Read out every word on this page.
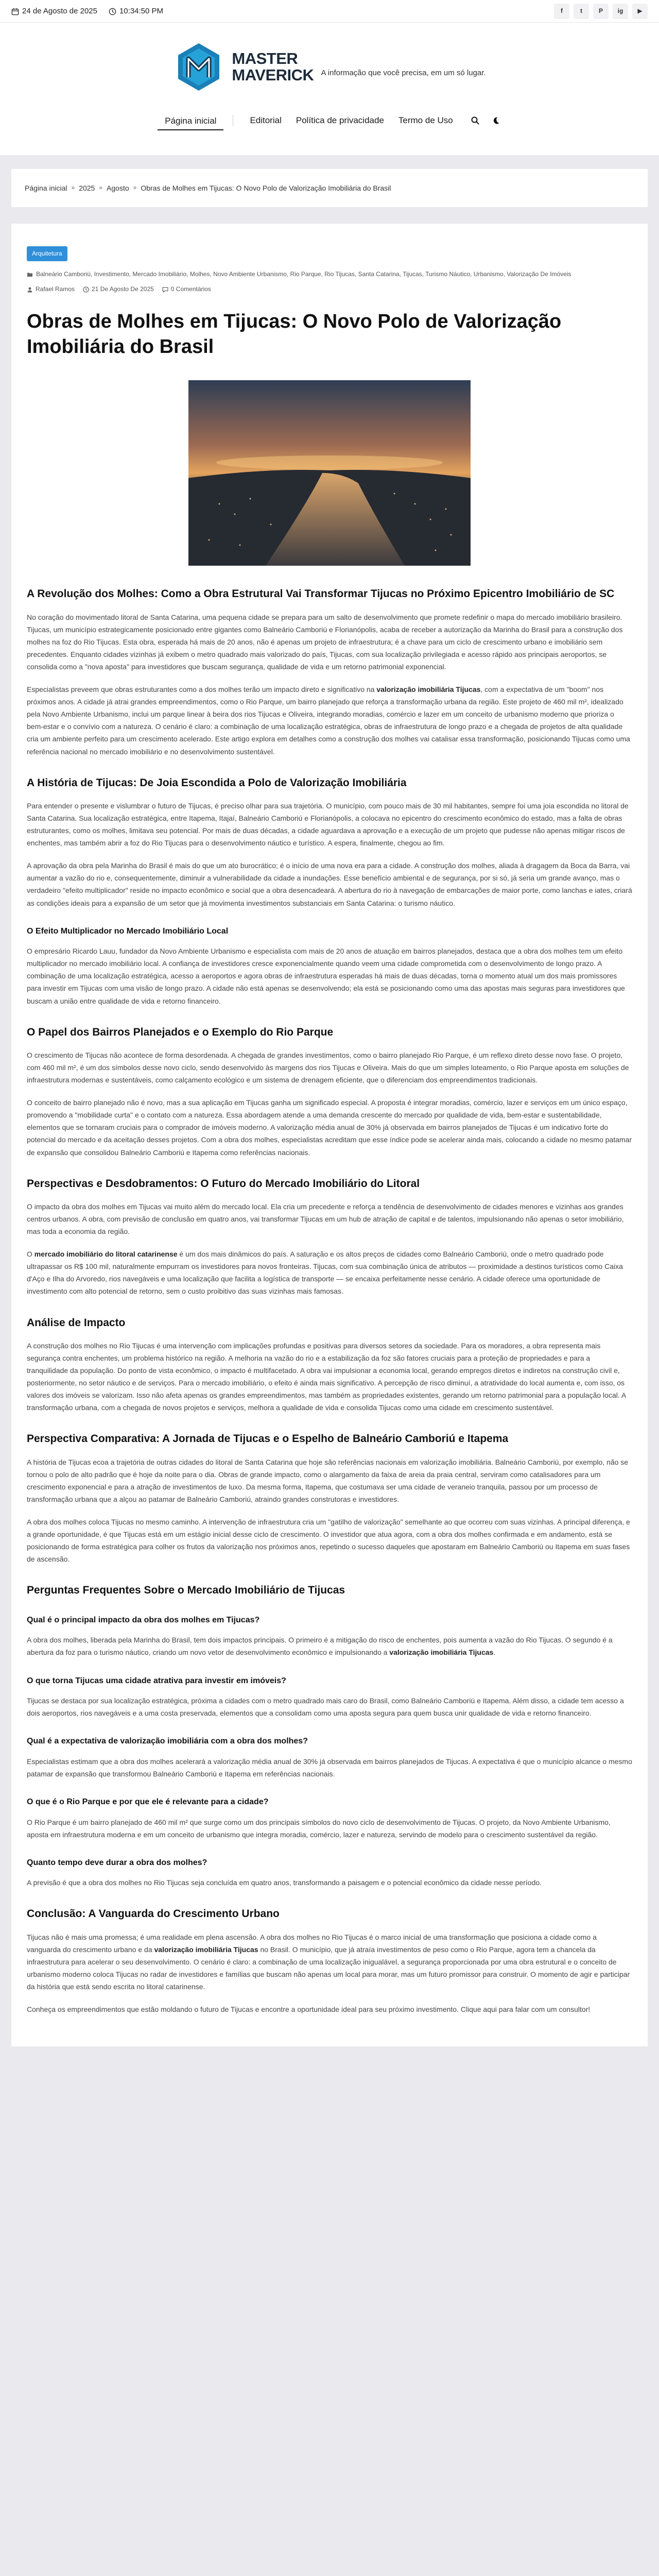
24 de Agosto de 2025	10:34:50 PM	f	t	P	ig	▶
MASTER
MAVERICK A informação que você precisa, em um só lugar.
Página inicial	Editorial	Política de privacidade	Termo de Uso
Página inicial » 2025 » Agosto » Obras de Molhes em Tijucas: O Novo Polo de Valorização Imobiliária do Brasil
Arquitetura
Balneário Camboriú, Investimento, Mercado Imobiliário, Molhes, Novo Ambiente Urbanismo, Rio Parque, Rio Tijucas, Santa Catarina, Tijucas, Turismo Náutico, Urbanismo, Valorização De Imóveis
Rafael Ramos	21 De Agosto De 2025	0 Comentários
Obras de Molhes em Tijucas: O Novo Polo de Valorização Imobiliária do Brasil
A Revolução dos Molhes: Como a Obra Estrutural Vai Transformar Tijucas no Próximo Epicentro Imobiliário de SC

No coração do movimentado litoral de Santa Catarina, uma pequena cidade se prepara para um salto de desenvolvimento que promete redefinir o mapa do mercado imobiliário brasileiro. Tijucas, um município estrategicamente posicionado entre gigantes como Balneário Camboriú e Florianópolis, acaba de receber a autorização da Marinha do Brasil para a construção dos molhes na foz do Rio Tijucas. Esta obra, esperada há mais de 20 anos, não é apenas um projeto de infraestrutura; é a chave para um ciclo de crescimento urbano e imobiliário sem precedentes. Enquanto cidades vizinhas já exibem o metro quadrado mais valorizado do país, Tijucas, com sua localização privilegiada e acesso rápido aos principais aeroportos, se consolida como a "nova aposta" para investidores que buscam segurança, qualidade de vida e um retorno patrimonial exponencial.

Especialistas preveem que obras estruturantes como a dos molhes terão um impacto direto e significativo na valorização imobiliária Tijucas, com a expectativa de um "boom" nos próximos anos. A cidade já atrai grandes empreendimentos, como o Rio Parque, um bairro planejado que reforça a transformação urbana da região. Este projeto de 460 mil m², idealizado pela Novo Ambiente Urbanismo, inclui um parque linear à beira dos rios Tijucas e Oliveira, integrando moradias, comércio e lazer em um conceito de urbanismo moderno que prioriza o bem-estar e o convívio com a natureza. O cenário é claro: a combinação de uma localização estratégica, obras de infraestrutura de longo prazo e a chegada de projetos de alta qualidade cria um ambiente perfeito para um crescimento acelerado. Este artigo explora em detalhes como a construção dos molhes vai catalisar essa transformação, posicionando Tijucas como uma referência nacional no mercado imobiliário e no desenvolvimento sustentável.

A História de Tijucas: De Joia Escondida a Polo de Valorização Imobiliária

Para entender o presente e vislumbrar o futuro de Tijucas, é preciso olhar para sua trajetória. O município, com pouco mais de 30 mil habitantes, sempre foi uma joia escondida no litoral de Santa Catarina. Sua localização estratégica, entre Itapema, Itajaí, Balneário Camboriú e Florianópolis, a colocava no epicentro do crescimento econômico do estado, mas a falta de obras estruturantes, como os molhes, limitava seu potencial. Por mais de duas décadas, a cidade aguardava a aprovação e a execução de um projeto que pudesse não apenas mitigar riscos de enchentes, mas também abrir a foz do Rio Tijucas para o desenvolvimento náutico e turístico. A espera, finalmente, chegou ao fim.

A aprovação da obra pela Marinha do Brasil é mais do que um ato burocrático; é o início de uma nova era para a cidade. A construção dos molhes, aliada à dragagem da Boca da Barra, vai aumentar a vazão do rio e, consequentemente, diminuir a vulnerabilidade da cidade a inundações. Esse benefício ambiental e de segurança, por si só, já seria um grande avanço, mas o verdadeiro "efeito multiplicador" reside no impacto econômico e social que a obra desencadeará. A abertura do rio à navegação de embarcações de maior porte, como lanchas e iates, criará as condições ideais para a expansão de um setor que já movimenta investimentos substanciais em Santa Catarina: o turismo náutico.

O Efeito Multiplicador no Mercado Imobiliário Local

O empresário Ricardo Lauu, fundador da Novo Ambiente Urbanismo e especialista com mais de 20 anos de atuação em bairros planejados, destaca que a obra dos molhes tem um efeito multiplicador no mercado imobiliário local. A confiança de investidores cresce exponencialmente quando veem uma cidade comprometida com o desenvolvimento de longo prazo. A combinação de uma localização estratégica, acesso a aeroportos e agora obras de infraestrutura esperadas há mais de duas décadas, torna o momento atual um dos mais promissores para investir em Tijucas com uma visão de longo prazo. A cidade não está apenas se desenvolvendo; ela está se posicionando como uma das apostas mais seguras para investidores que buscam a união entre qualidade de vida e retorno financeiro.

O Papel dos Bairros Planejados e o Exemplo do Rio Parque

O crescimento de Tijucas não acontece de forma desordenada. A chegada de grandes investimentos, como o bairro planejado Rio Parque, é um reflexo direto desse novo fase. O projeto, com 460 mil m², é um dos símbolos desse novo ciclo, sendo desenvolvido às margens dos rios Tijucas e Oliveira. Mais do que um simples loteamento, o Rio Parque aposta em soluções de infraestrutura modernas e sustentáveis, como calçamento ecológico e um sistema de drenagem eficiente, que o diferenciam dos empreendimentos tradicionais.

O conceito de bairro planejado não é novo, mas a sua aplicação em Tijucas ganha um significado especial. A proposta é integrar moradias, comércio, lazer e serviços em um único espaço, promovendo a "mobilidade curta" e o contato com a natureza. Essa abordagem atende a uma demanda crescente do mercado por qualidade de vida, bem-estar e sustentabilidade, elementos que se tornaram cruciais para o comprador de imóveis moderno. A valorização média anual de 30% já observada em bairros planejados de Tijucas é um indicativo forte do potencial do mercado e da aceitação desses projetos. Com a obra dos molhes, especialistas acreditam que esse índice pode se acelerar ainda mais, colocando a cidade no mesmo patamar de expansão que consolidou Balneário Camboriú e Itapema como referências nacionais.

Perspectivas e Desdobramentos: O Futuro do Mercado Imobiliário do Litoral

O impacto da obra dos molhes em Tijucas vai muito além do mercado local. Ela cria um precedente e reforça a tendência de desenvolvimento de cidades menores e vizinhas aos grandes centros urbanos. A obra, com previsão de conclusão em quatro anos, vai transformar Tijucas em um hub de atração de capital e de talentos, impulsionando não apenas o setor imobiliário, mas toda a economia da região.

O mercado imobiliário do litoral catarinense é um dos mais dinâmicos do país. A saturação e os altos preços de cidades como Balneário Camboriú, onde o metro quadrado pode ultrapassar os R$ 100 mil, naturalmente empurram os investidores para novos fronteiras. Tijucas, com sua combinação única de atributos — proximidade a destinos turísticos como Caixa d'Aço e Ilha do Arvoredo, rios navegáveis e uma localização que facilita a logística de transporte — se encaixa perfeitamente nesse cenário. A cidade oferece uma oportunidade de investimento com alto potencial de retorno, sem o custo proibitivo das suas vizinhas mais famosas.

Análise de Impacto

A construção dos molhes no Rio Tijucas é uma intervenção com implicações profundas e positivas para diversos setores da sociedade. Para os moradores, a obra representa mais segurança contra enchentes, um problema histórico na região. A melhoria na vazão do rio e a estabilização da foz são fatores cruciais para a proteção de propriedades e para a tranquilidade da população. Do ponto de vista econômico, o impacto é multifacetado. A obra vai impulsionar a economia local, gerando empregos diretos e indiretos na construção civil e, posteriormente, no setor náutico e de serviços. Para o mercado imobiliário, o efeito é ainda mais significativo. A percepção de risco diminuí, a atratividade do local aumenta e, com isso, os valores dos imóveis se valorizam. Isso não afeta apenas os grandes empreendimentos, mas também as propriedades existentes, gerando um retorno patrimonial para a população local. A transformação urbana, com a chegada de novos projetos e serviços, melhora a qualidade de vida e consolida Tijucas como uma cidade em crescimento sustentável.

Perspectiva Comparativa: A Jornada de Tijucas e o Espelho de Balneário Camboriú e Itapema

A história de Tijucas ecoa a trajetória de outras cidades do litoral de Santa Catarina que hoje são referências nacionais em valorização imobiliária. Balneário Camboriú, por exemplo, não se tornou o polo de alto padrão que é hoje da noite para o dia. Obras de grande impacto, como o alargamento da faixa de areia da praia central, serviram como catalisadores para um crescimento exponencial e para a atração de investimentos de luxo. Da mesma forma, Itapema, que costumava ser uma cidade de veraneio tranquila, passou por um processo de transformação urbana que a alçou ao patamar de Balneário Camboriú, atraindo grandes construtoras e investidores.

A obra dos molhes coloca Tijucas no mesmo caminho. A intervenção de infraestrutura cria um "gatilho de valorização" semelhante ao que ocorreu com suas vizinhas. A principal diferença, e a grande oportunidade, é que Tijucas está em um estágio inicial desse ciclo de crescimento. O investidor que atua agora, com a obra dos molhes confirmada e em andamento, está se posicionando de forma estratégica para colher os frutos da valorização nos próximos anos, repetindo o sucesso daqueles que apostaram em Balneário Camboriú ou Itapema em suas fases de ascensão.

Perguntas Frequentes Sobre o Mercado Imobiliário de Tijucas
Qual é o principal impacto da obra dos molhes em Tijucas?

A obra dos molhes, liberada pela Marinha do Brasil, tem dois impactos principais. O primeiro é a mitigação do risco de enchentes, pois aumenta a vazão do Rio Tijucas. O segundo é a abertura da foz para o turismo náutico, criando um novo vetor de desenvolvimento econômico e impulsionando a valorização imobiliária Tijucas.

O que torna Tijucas uma cidade atrativa para investir em imóveis?

Tijucas se destaca por sua localização estratégica, próxima a cidades com o metro quadrado mais caro do Brasil, como Balneário Camboriú e Itapema. Além disso, a cidade tem acesso a dois aeroportos, rios navegáveis e a uma costa preservada, elementos que a consolidam como uma aposta segura para quem busca unir qualidade de vida e retorno financeiro.

Qual é a expectativa de valorização imobiliária com a obra dos molhes?

Especialistas estimam que a obra dos molhes acelerará a valorização média anual de 30% já observada em bairros planejados de Tijucas. A expectativa é que o município alcance o mesmo patamar de expansão que transformou Balneário Camboriú e Itapema em referências nacionais.

O que é o Rio Parque e por que ele é relevante para a cidade?

O Rio Parque é um bairro planejado de 460 mil m² que surge como um dos principais símbolos do novo ciclo de desenvolvimento de Tijucas. O projeto, da Novo Ambiente Urbanismo, aposta em infraestrutura moderna e em um conceito de urbanismo que integra moradia, comércio, lazer e natureza, servindo de modelo para o crescimento sustentável da região.

Quanto tempo deve durar a obra dos molhes?

A previsão é que a obra dos molhes no Rio Tijucas seja concluída em quatro anos, transformando a paisagem e o potencial econômico da cidade nesse período.

Conclusão: A Vanguarda do Crescimento Urbano

Tijucas não é mais uma promessa; é uma realidade em plena ascensão. A obra dos molhes no Rio Tijucas é o marco inicial de uma transformação que posiciona a cidade como a vanguarda do crescimento urbano e da valorização imobiliária Tijucas no Brasil. O município, que já atraía investimentos de peso como o Rio Parque, agora tem a chancela da infraestrutura para acelerar o seu desenvolvimento. O cenário é claro: a combinação de uma localização inigualável, a segurança proporcionada por uma obra estrutural e o conceito de urbanismo moderno coloca Tijucas no radar de investidores e famílias que buscam não apenas um local para morar, mas um futuro promissor para construir. O momento de agir e participar da história que está sendo escrita no litoral catarinense.

Conheça os empreendimentos que estão moldando o futuro de Tijucas e encontre a oportunidade ideal para seu próximo investimento. Clique aqui para falar com um consultor!
